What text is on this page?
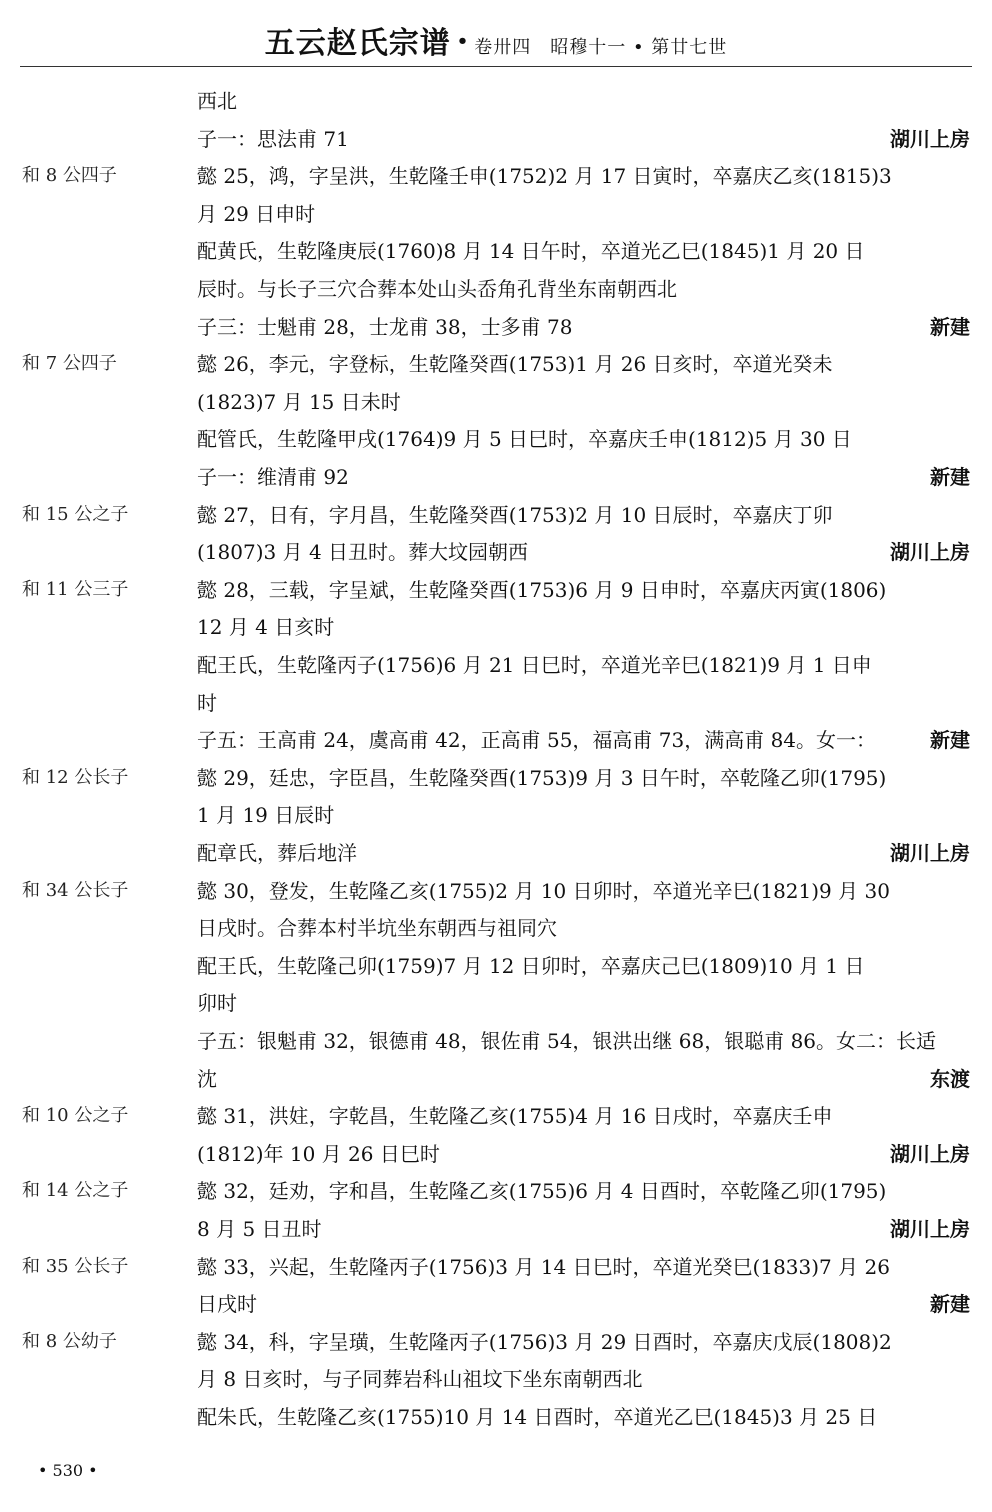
五云赵氏宗谱 • 卷卅四　昭穆十一 • 第廿七世
西北
子一：思法甫 71	湖川上房
和 8 公四子	懿 25，鸿，字呈洪，生乾隆壬申(1752)2 月 17 日寅时，卒嘉庆乙亥(1815)3
月 29 日申时
配黄氏，生乾隆庚辰(1760)8 月 14 日午时，卒道光乙巳(1845)1 月 20 日
辰时。与长子三穴合葬本处山头岙角孔背坐东南朝西北
子三：士魁甫 28，士龙甫 38，士多甫 78	新建
和 7 公四子	懿 26，李元，字登标，生乾隆癸酉(1753)1 月 26 日亥时，卒道光癸未
(1823)7 月 15 日未时
配管氏，生乾隆甲戌(1764)9 月 5 日巳时，卒嘉庆壬申(1812)5 月 30 日
子一：维清甫 92	新建
和 15 公之子	懿 27，日有，字月昌，生乾隆癸酉(1753)2 月 10 日辰时，卒嘉庆丁卯
(1807)3 月 4 日丑时。葬大坟园朝西	湖川上房
和 11 公三子	懿 28，三载，字呈斌，生乾隆癸酉(1753)6 月 9 日申时，卒嘉庆丙寅(1806)
12 月 4 日亥时
配王氏，生乾隆丙子(1756)6 月 21 日巳时，卒道光辛巳(1821)9 月 1 日申
时
子五：王高甫 24，虞高甫 42，正高甫 55，福高甫 73，满高甫 84。女一：	新建
和 12 公长子	懿 29，廷忠，字臣昌，生乾隆癸酉(1753)9 月 3 日午时，卒乾隆乙卯(1795)
1 月 19 日辰时
配章氏，葬后地洋	湖川上房
和 34 公长子	懿 30，登发，生乾隆乙亥(1755)2 月 10 日卯时，卒道光辛巳(1821)9 月 30
日戌时。合葬本村半坑坐东朝西与祖同穴
配王氏，生乾隆己卯(1759)7 月 12 日卯时，卒嘉庆己巳(1809)10 月 1 日
卯时
子五：银魁甫 32，银德甫 48，银佐甫 54，银洪出继 68，银聪甫 86。女二：长适
沈	东渡
和 10 公之子	懿 31，洪妵，字乾昌，生乾隆乙亥(1755)4 月 16 日戌时，卒嘉庆壬申
(1812)年 10 月 26 日巳时	湖川上房
和 14 公之子	懿 32，廷劝，字和昌，生乾隆乙亥(1755)6 月 4 日酉时，卒乾隆乙卯(1795)
8 月 5 日丑时	湖川上房
和 35 公长子	懿 33，兴起，生乾隆丙子(1756)3 月 14 日巳时，卒道光癸巳(1833)7 月 26
日戌时	新建
和 8 公幼子	懿 34，科，字呈璜，生乾隆丙子(1756)3 月 29 日酉时，卒嘉庆戊辰(1808)2
月 8 日亥时，与子同葬岩科山祖坟下坐东南朝西北
配朱氏，生乾隆乙亥(1755)10 月 14 日酉时，卒道光乙巳(1845)3 月 25 日
• 530 •
